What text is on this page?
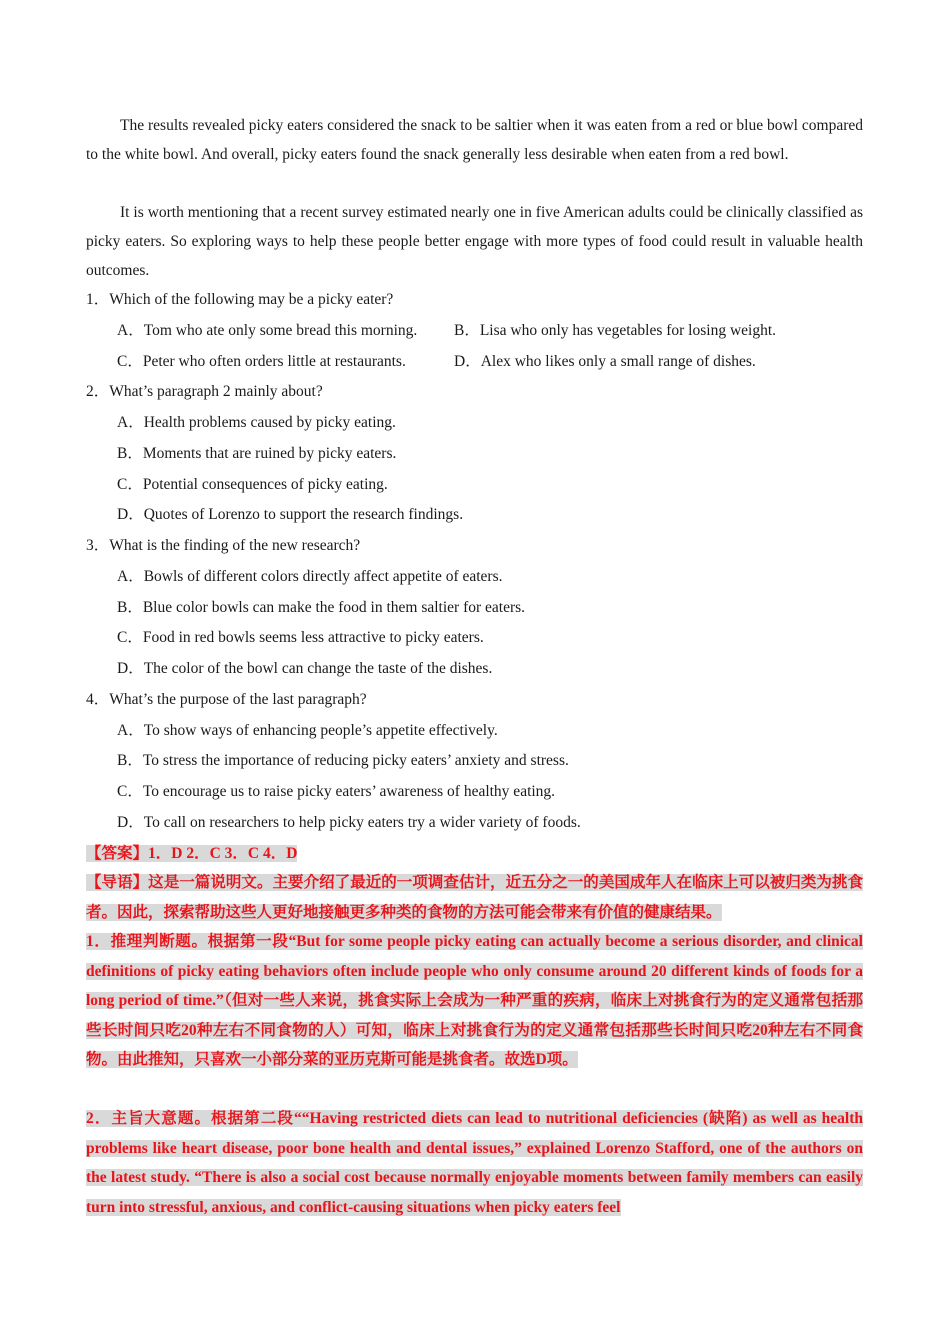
The results revealed picky eaters considered the snack to be saltier when it was eaten from a red or blue bowl compared to the white bowl. And overall, picky eaters found the snack generally less desirable when eaten from a red bowl.

It is worth mentioning that a recent survey estimated nearly one in five American adults could be clinically classified as picky eaters. So exploring ways to help these people better engage with more types of food could result in valuable health outcomes.

1．Which of the following may be a picky eater?
A．Tom who ate only some bread this morning. B．Lisa who only has vegetables for losing weight.
C．Peter who often orders little at restaurants.	D．Alex who likes only a small range of dishes.
2．What’s paragraph 2 mainly about?
A．Health problems caused by picky eating.
B．Moments that are ruined by picky eaters.
C．Potential consequences of picky eating.
D．Quotes of Lorenzo to support the research findings.
3．What is the finding of the new research?
A．Bowls of different colors directly affect appetite of eaters.
B．Blue color bowls can make the food in them saltier for eaters.
C．Food in red bowls seems less attractive to picky eaters.
D．The color of the bowl can change the taste of the dishes.
4．What’s the purpose of the last paragraph?
A．To show ways of enhancing people’s appetite effectively.
B．To stress the importance of reducing picky eaters’ anxiety and stress.
C．To encourage us to raise picky eaters’ awareness of healthy eating.
D．To call on researchers to help picky eaters try a wider variety of foods.

【答案】1．D 2．C 3．C 4．D

【导语】这是一篇说明文。主要介绍了最近的一项调查估计，近五分之一的美国成年人在临床上可以被归类为挑食者。因此，探索帮助这些人更好地接触更多种类的食物的方法可能会带来有价值的健康结果。

1．推理判断题。根据第一段“But for some people picky eating can actually become a serious disorder, and clinical definitions of picky eating behaviors often include people who only consume around 20 different kinds of foods for a long period of time.”（但对一些人来说，挑食实际上会成为一种严重的疾病，临床上对挑食行为的定义通常包括那些长时间只吃20种左右不同食物的人）可知，临床上对挑食行为的定义通常包括那些长时间只吃20种左右不同食物。由此推知，只喜欢一小部分菜的亚历克斯可能是挑食者。故选D项。

2．主旨大意题。根据第二段““Having restricted diets can lead to nutritional deficiencies (缺陷) as well as health problems like heart disease, poor bone health and dental issues,” explained Lorenzo Stafford, one of the authors on the latest study. “There is also a social cost because normally enjoyable moments between family members can easily turn into stressful, anxious, and conflict-causing situations when picky eaters feel
